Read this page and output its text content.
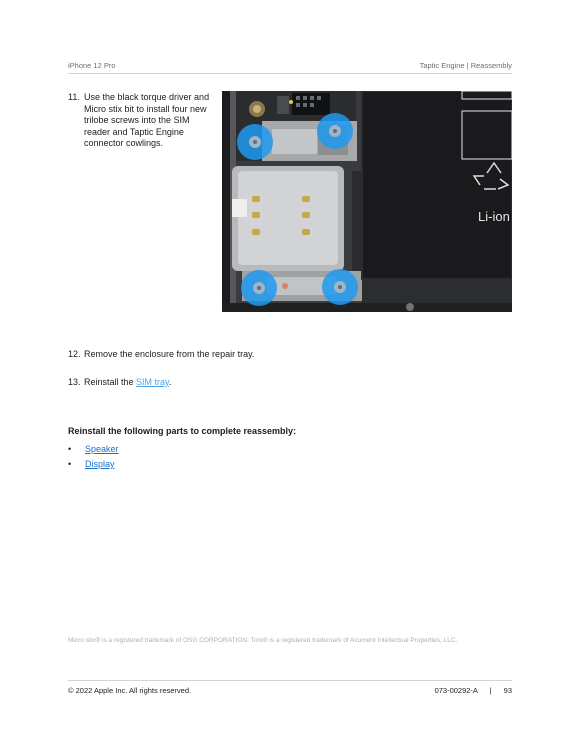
iPhone 12 Pro	Taptic Engine | Reassembly
11. Use the black torque driver and Micro stix bit to install four new trilobe screws into the SIM reader and Taptic Engine connector cowlings.
Li-ion
12. Remove the enclosure from the repair tray.
13. Reinstall the SIM tray.
Reinstall the following parts to complete reassembly:
• Speaker
• Display
Micro stix® is a registered trademark of OSG CORPORATION. Torx® is a registered trademark of Acument Intellectual Properties, LLC.
© 2022 Apple Inc. All rights reserved.	073-00292-A | 93
